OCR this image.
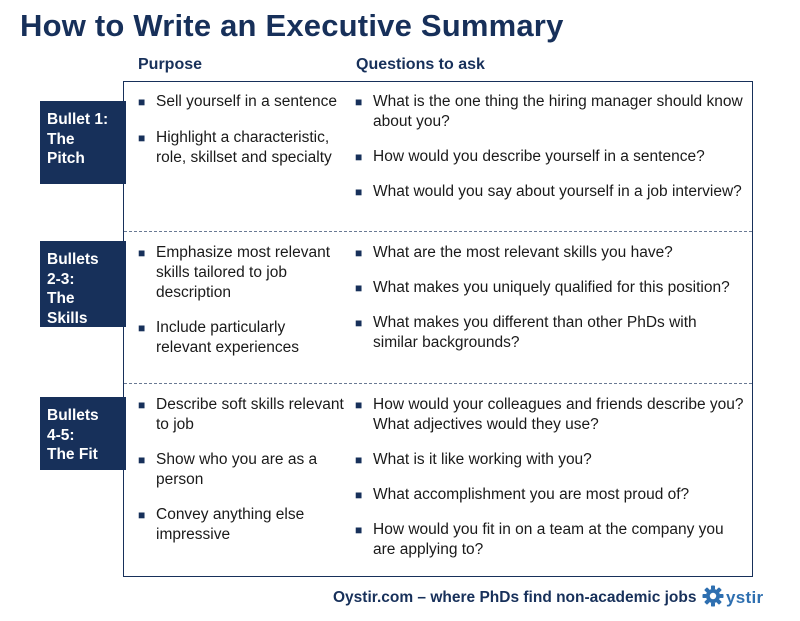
How to Write an Executive Summary
Purpose	Questions to ask
Bullet 1:
The
Pitch
■ Sell yourself in a sentence
■ Highlight a characteristic, role, skillset and specialty
■ What is the one thing the hiring manager should know about you?
■ How would you describe yourself in a sentence?
■ What would you say about yourself in a job interview?
Bullets
2-3:
The
Skills
■ Emphasize most relevant skills tailored to job description
■ Include particularly relevant experiences
■ What are the most relevant skills you have?
■ What makes you uniquely qualified for this position?
■ What makes you different than other PhDs with similar backgrounds?
Bullets
4-5:
The Fit
■ Describe soft skills relevant to job
■ Show who you are as a person
■ Convey anything else impressive
■ How would your colleagues and friends describe you? What adjectives would they use?
■ What is it like working with you?
■ What accomplishment you are most proud of?
■ How would you fit in on a team at the company you are applying to?
Oystir.com – where PhDs find non-academic jobs ystir
